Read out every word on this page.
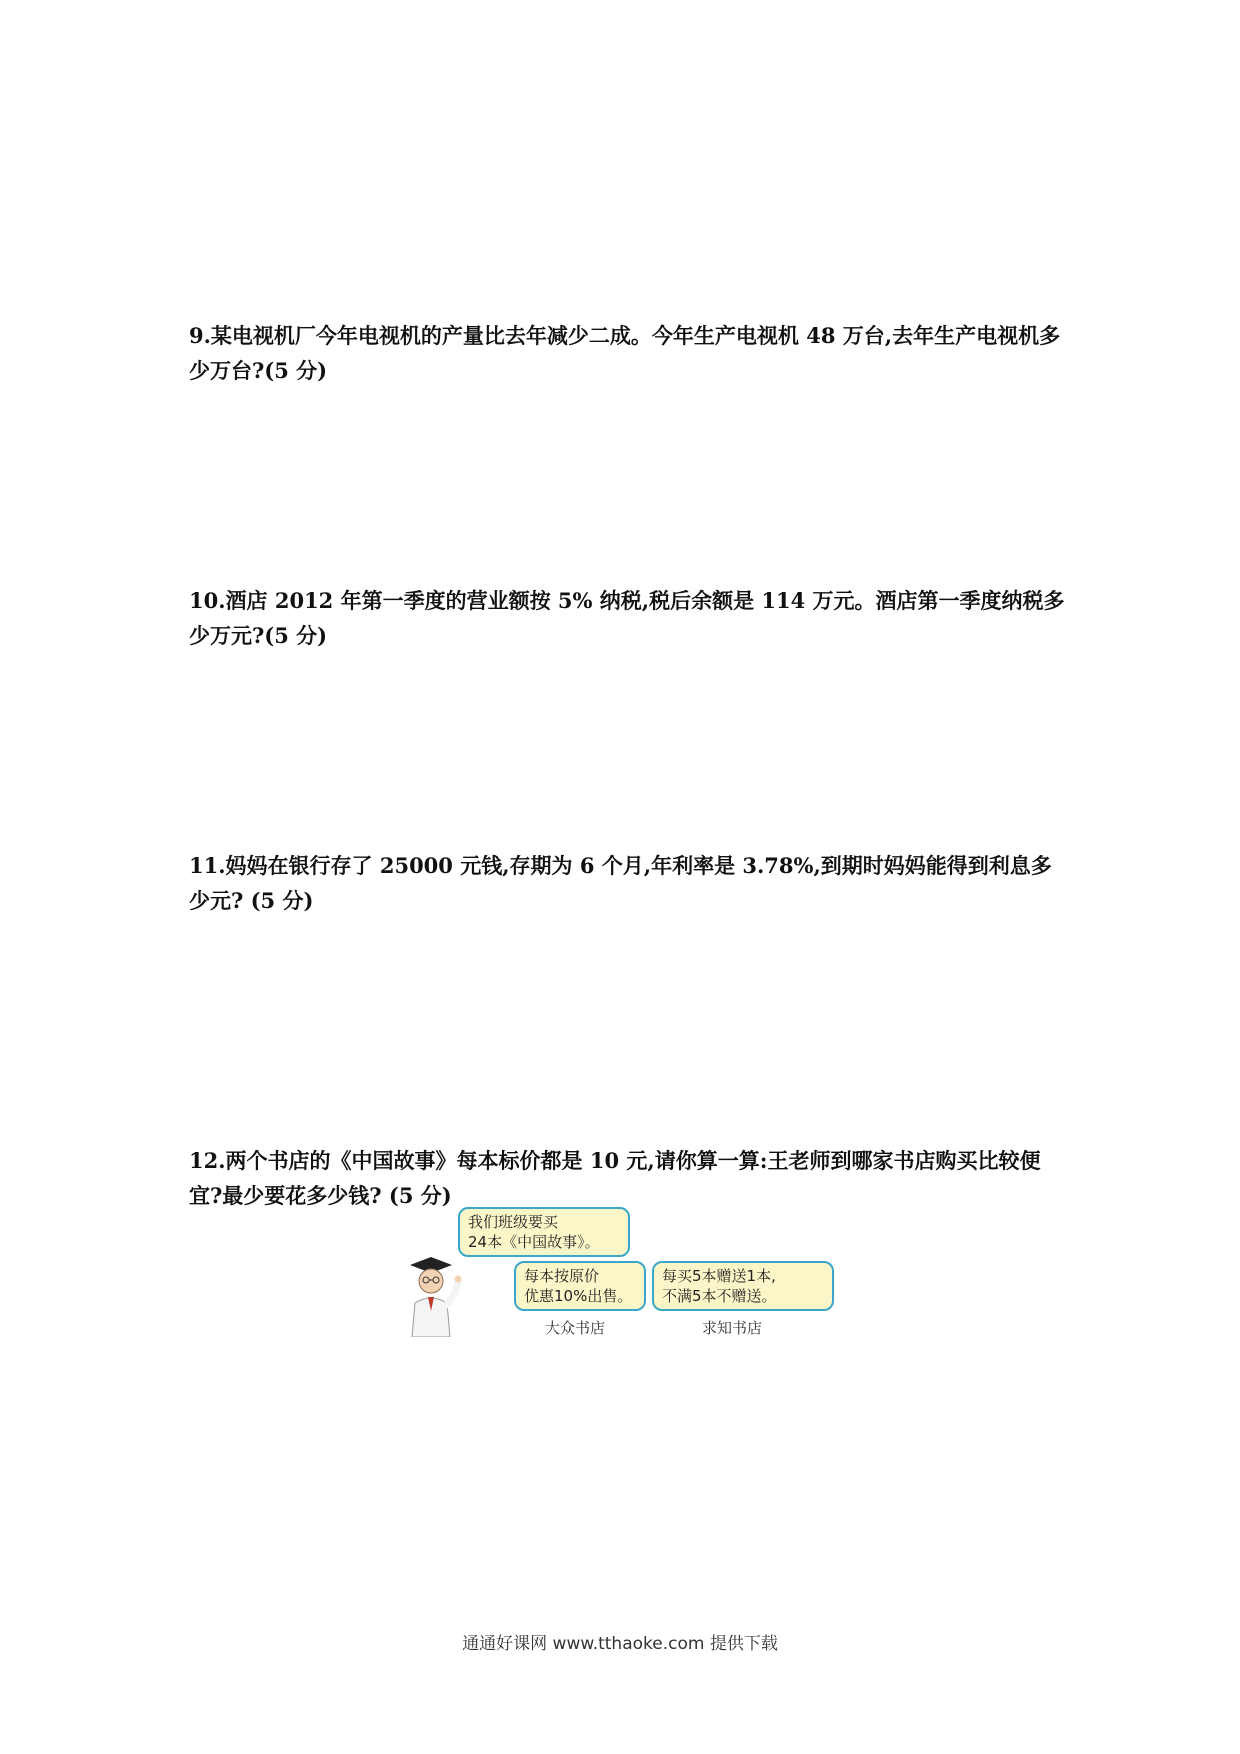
9.某电视机厂今年电视机的产量比去年减少二成。今年生产电视机 48 万台,去年生产电视机多少万台?(5 分)

10.酒店 2012 年第一季度的营业额按 5% 纳税,税后余额是 114 万元。酒店第一季度纳税多少万元?(5 分)

11.妈妈在银行存了 25000 元钱,存期为 6 个月,年利率是 3.78%,到期时妈妈能得到利息多少元? (5 分)

12.两个书店的《中国故事》每本标价都是 10 元,请你算一算:王老师到哪家书店购买比较便宜?最少要花多少钱? (5 分)

我们班级要买
24本《中国故事》。
每本按原价
优惠10%出售。
每买5本赠送1本,
不满5本不赠送。
大众书店	求知书店

通通好课网 www.tthaoke.com 提供下载
